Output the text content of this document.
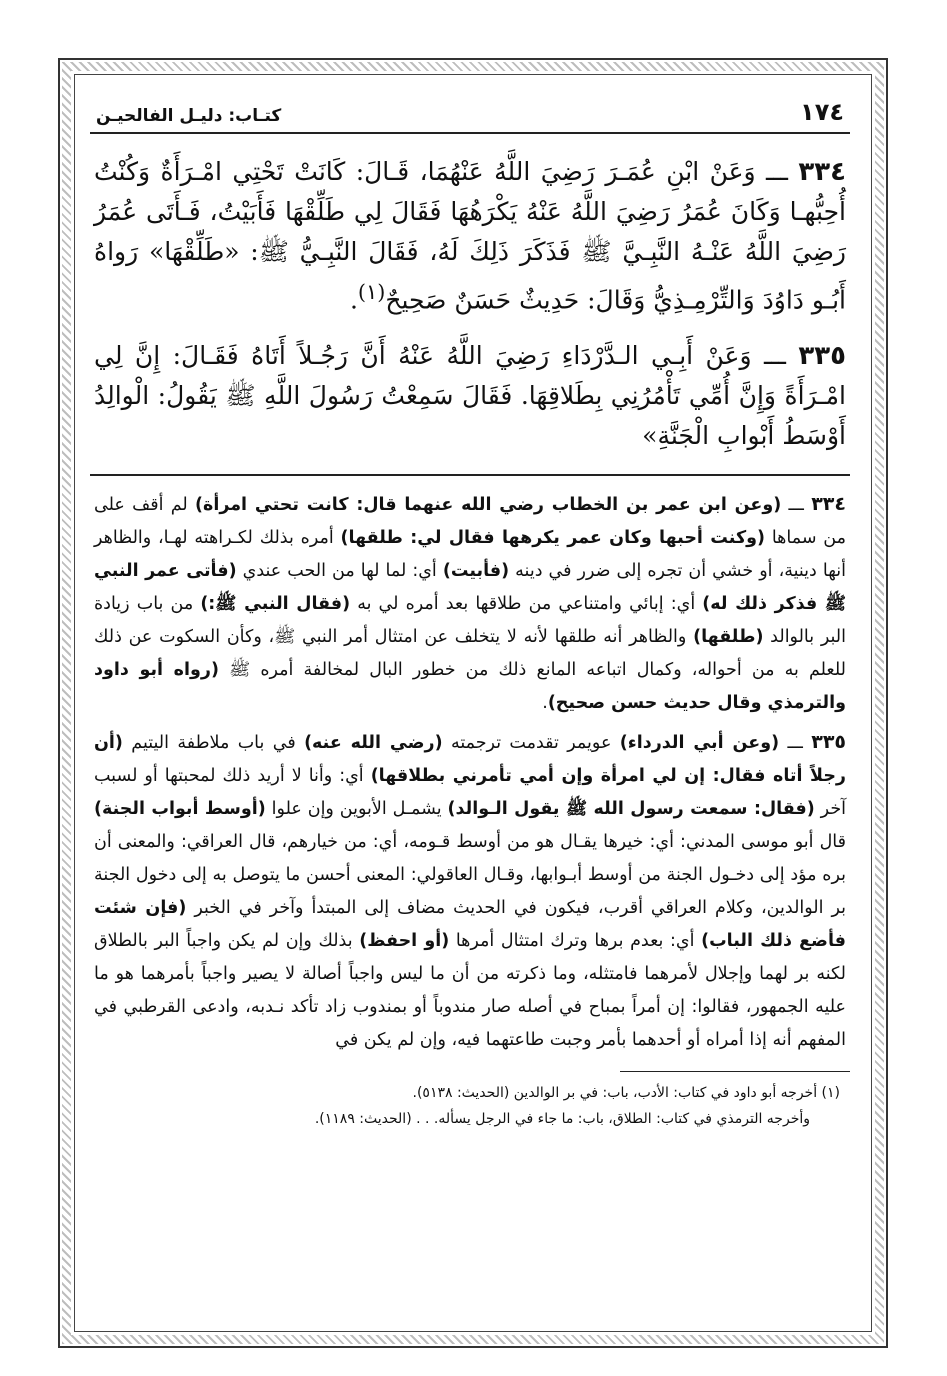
١٧٤
كتـاب: دليـل الفالحيـن

٣٣٤ ـــ وَعَنْ ابْنِ عُمَـرَ رَضِيَ اللَّهُ عَنْهُمَا، قَـالَ: كَانَتْ تَحْتِي امْـرَأَةٌ وَكُنْتُ أُحِبُّهـا وَكَانَ عُمَرُ رَضِيَ اللَّهُ عَنْهُ يَكْرَهُهَا فَقَالَ لِي طَلِّقْهَا فَأَبَيْتُ، فَـأَتَى عُمَرُ رَضِيَ اللَّهُ عَنْـهُ النَّبِـيَّ ﷺ فَذَكَرَ ذَلِكَ لَهُ، فَقَالَ النَّبِـيُّ ﷺ: «طَلِّقْهَا» رَواهُ أَبُـو دَاوُدَ وَالتِّرْمِـذِيُّ وَقَالَ: حَدِيثٌ حَسَنٌ صَحِيحٌ$^{(١)}$.

٣٣٥ ـــ وَعَنْ أَبِـي الـدَّرْدَاءِ رَضِيَ اللَّهُ عَنْهُ أَنَّ رَجُـلاً أَتَاهُ فَقَـالَ: إِنَّ لِي امْـرَأَةً وَإِنَّ أُمِّي تَأْمُرُنِي بِطَلاقِهَا. فَقَالَ سَمِعْتُ رَسُولَ اللَّهِ ﷺ يَقُولُ: الْوالِدُ أَوْسَطُ أَبْوابِ الْجَنَّةِ»

٣٣٤ ـــ (وعن ابن عمر بن الخطاب رضي الله عنهما قال: كانت تحتي امرأة) لم أقف على من سماها (وكنت أحبها وكان عمر يكرهها فقال لي: طلقها) أمره بذلك لكـراهته لهـا، والظاهر أنها دينية، أو خشي أن تجره إلى ضرر في دينه (فأبيت) أي: لما لها من الحب عندي (فأتى عمر النبي ﷺ فذكر ذلك له) أي: إبائي وامتناعي من طلاقها بعد أمره لي به (فقال النبي ﷺ:) من باب زيادة البر بالوالد (طلقها) والظاهر أنه طلقها لأنه لا يتخلف عن امتثال أمر النبي ﷺ، وكأن السكوت عن ذلك للعلم به من أحواله، وكمال اتباعه المانع ذلك من خطور البال لمخالفة أمره ﷺ (رواه أبو داود والترمذي وقال حديث حسن صحيح).

٣٣٥ ـــ (وعن أبي الدرداء) عويمر تقدمت ترجمته (رضي الله عنه) في باب ملاطفة اليتيم (أن رجلاً أتاه فقال: إن لي امرأة وإن أمي تأمرني بطلاقها) أي: وأنا لا أريد ذلك لمحبتها أو لسبب آخر (فقال: سمعت رسول الله ﷺ يقول الـوالد) يشمـل الأبوين وإن علوا (أوسط أبواب الجنة) قال أبو موسى المدني: أي: خيرها يقـال هو من أوسط قـومه، أي: من خيارهم، قال العراقي: والمعنى أن بره مؤد إلى دخـول الجنة من أوسط أبـوابها، وقـال العاقولي: المعنى أحسن ما يتوصل به إلى دخول الجنة بر الوالدين، وكلام العراقي أقرب، فيكون في الحديث مضاف إلى المبتدأ وآخر في الخبر (فإن شئت فأضع ذلك الباب) أي: بعدم برها وترك امتثال أمرها (أو احفظ) بذلك وإن لم يكن واجباً البر بالطلاق لكنه بر لهما وإجلال لأمرهما فامتثله، وما ذكرته من أن ما ليس واجباً أصالة لا يصير واجباً بأمرهما هو ما عليه الجمهور، فقالوا: إن أمراً بمباح في أصله صار مندوباً أو بمندوب زاد تأكد نـدبه، وادعى القرطبي في المفهم أنه إذا أمراه أو أحدهما بأمر وجبت طاعتهما فيه، وإن لم يكن في

(١) أخرجه أبو داود في كتاب: الأدب، باب: في بر الوالدين (الحديث: ٥١٣٨).
وأخرجه الترمذي في كتاب: الطلاق، باب: ما جاء في الرجل يسأله. . . (الحديث: ١١٨٩).
